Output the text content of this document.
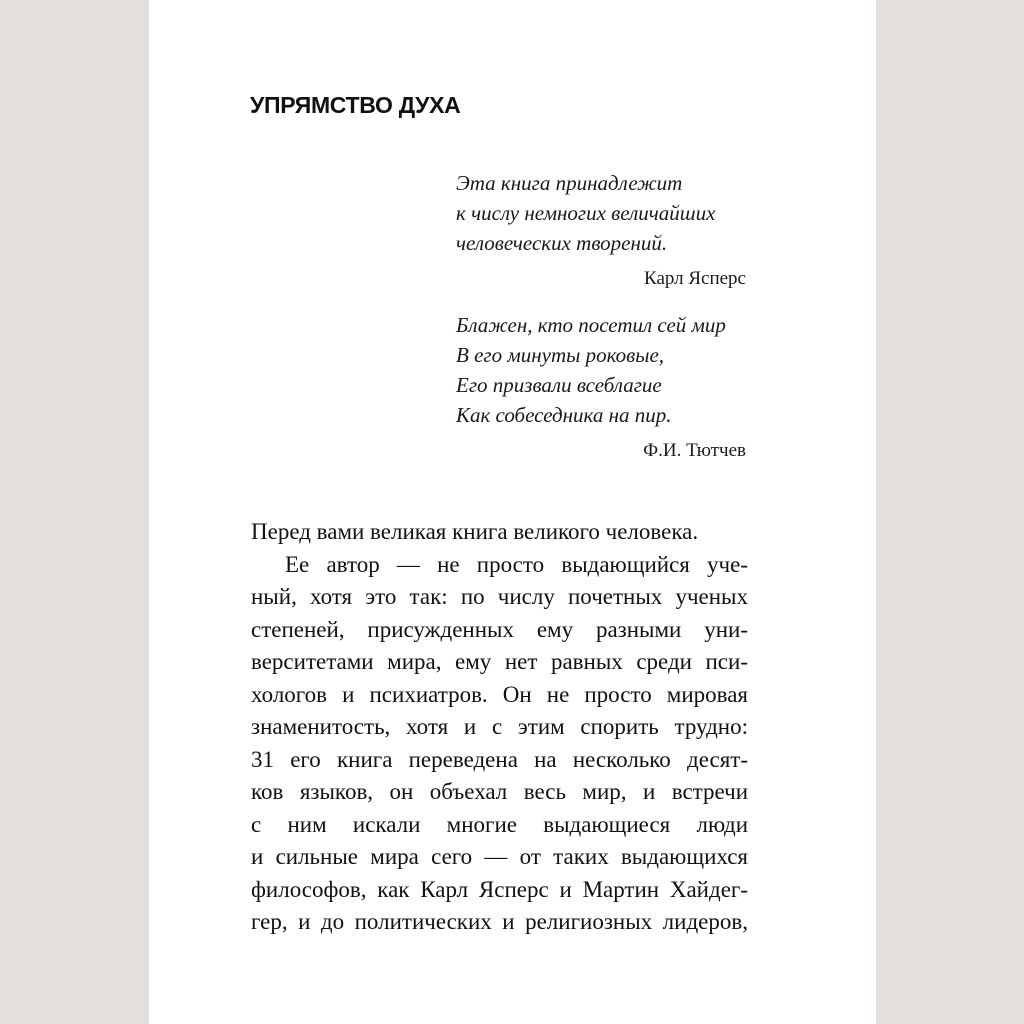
УПРЯМСТВО ДУХА
Эта книга принадлежит
к числу немногих величайших
человеческих творений.
Карл Ясперс
Блажен, кто посетил сей мир
В его минуты роковые,
Его призвали всеблагие
Как собеседника на пир.
Ф.И. Тютчев
Перед вами великая книга великого человека.
Ее автор — не просто выдающийся уче-
ный, хотя это так: по числу почетных ученых
степеней, присужденных ему разными уни-
верситетами мира, ему нет равных среди пси-
хологов и психиатров. Он не просто мировая
знаменитость, хотя и с этим спорить трудно:
31 его книга переведена на несколько десят-
ков языков, он объехал весь мир, и встречи
с ним искали многие выдающиеся люди
и сильные мира сего — от таких выдающихся
философов, как Карл Ясперс и Мартин Хайдег-
гер, и до политических и религиозных лидеров,
